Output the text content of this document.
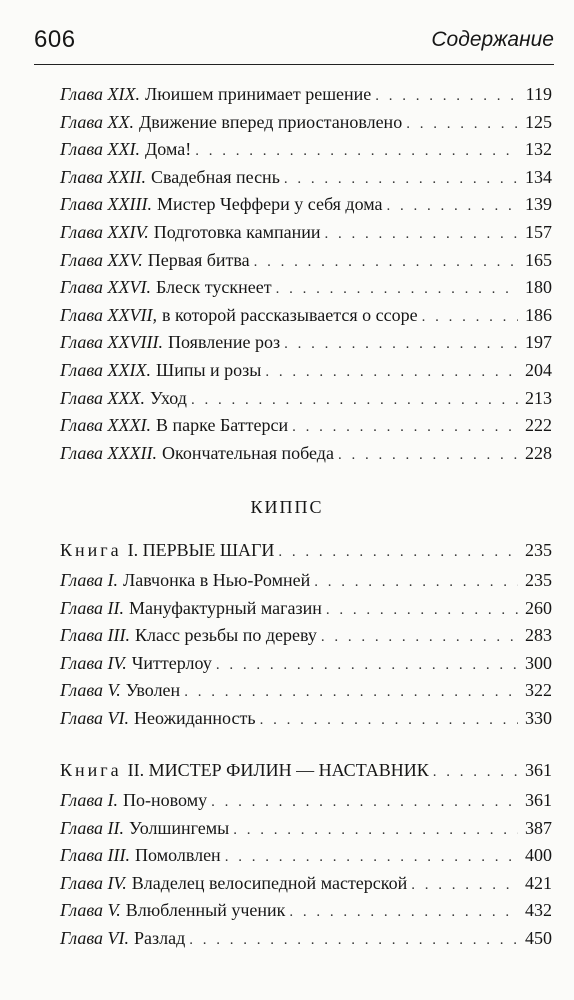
606	Содержание
Глава XIX. Люишем принимает решение . . .	119
Глава XX. Движение вперед приостановлено . . .	125
Глава XXI. Дома! . . .	132
Глава XXII. Свадебная песнь . . .	134
Глава XXIII. Мистер Чеффери у себя дома . . .	139
Глава XXIV. Подготовка кампании . . .	157
Глава XXV. Первая битва . . .	165
Глава XXVI. Блеск тускнеет . . .	180
Глава XXVII, в которой рассказывается о ссоре . . .	186
Глава XXVIII. Появление роз . . .	197
Глава XXIX. Шипы и розы . . .	204
Глава XXX. Уход . . .	213
Глава XXXI. В парке Баттерси . . .	222
Глава XXXII. Окончательная победа . . .	228
КИППС
Книга I. ПЕРВЫЕ ШАГИ . . .	235
Глава I. Лавчонка в Нью-Ромней . . .	235
Глава II. Мануфактурный магазин . . .	260
Глава III. Класс резьбы по дереву . . .	283
Глава IV. Читтерлоу . . .	300
Глава V. Уволен . . .	322
Глава VI. Неожиданность . . .	330
Книга II. МИСТЕР ФИЛИН — НАСТАВНИК . . .	361
Глава I. По-новому . . .	361
Глава II. Уолшингемы . . .	387
Глава III. Помолвлен . . .	400
Глава IV. Владелец велосипедной мастерской . . .	421
Глава V. Влюбленный ученик . . .	432
Глава VI. Разлад . . .	450
